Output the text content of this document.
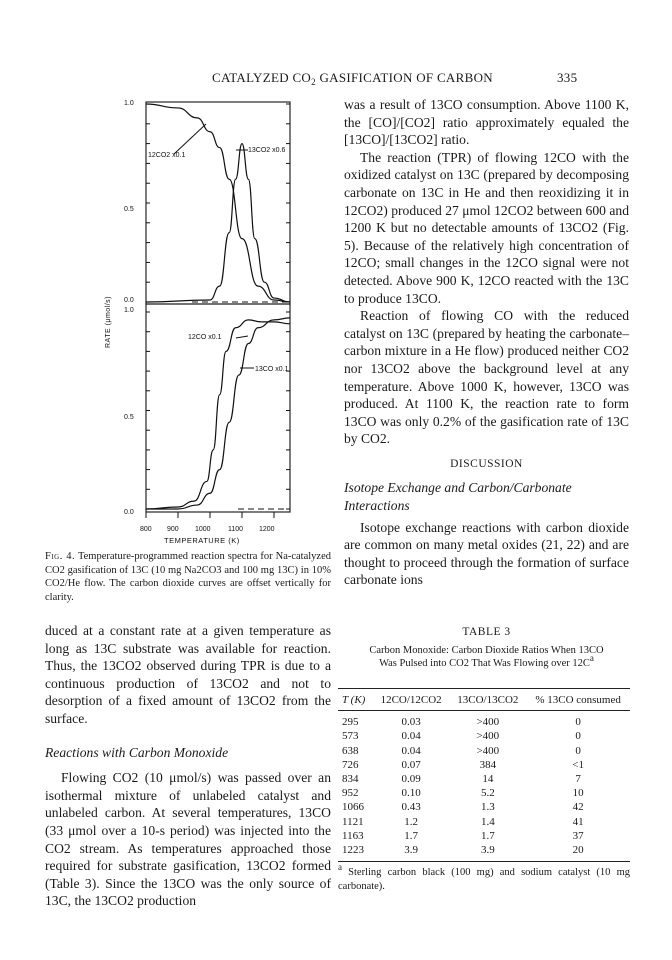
CATALYZED $CO_2$ GASIFICATION OF CARBON	335
12CO2 x0.1
13CO2 x0.6
12CO x0.1
13CO x0.1
1.0
0.5
0.0
1.0
0.5
0.0
800 900 1000 1100 1200
TEMPERATURE (K)
RATE (μmol/s)
Fig. 4. Temperature-programmed reaction spectra for Na-catalyzed CO2 gasification of 13C (10 mg Na2CO3 and 100 mg 13C) in 10% CO2/He flow. The carbon dioxide curves are offset vertically for clarity.

was a result of 13CO consumption. Above 1100 K, the [CO]/[CO2] ratio approximately equaled the [13CO]/[13CO2] ratio.

The reaction (TPR) of flowing 12CO with the oxidized catalyst on 13C (prepared by decomposing carbonate on 13C in He and then reoxidizing it in 12CO2) produced 27 μmol 12CO2 between 600 and 1200 K but no detectable amounts of 13CO2 (Fig. 5). Because of the relatively high concentration of 12CO; small changes in the 12CO signal were not detected. Above 900 K, 12CO reacted with the 13C to produce 13CO.

Reaction of flowing CO with the reduced catalyst on 13C (prepared by heating the carbonate–carbon mixture in a He flow) produced neither CO2 nor 13CO2 above the background level at any temperature. Above 1000 K, however, 13CO was produced. At 1100 K, the reaction rate to form 13CO was only 0.2% of the gasification rate of 13C by CO2.

DISCUSSION

Isotope Exchange and Carbon/Carbonate Interactions

Isotope exchange reactions with carbon dioxide are common on many metal oxides (21, 22) and are thought to proceed through the formation of surface carbonate ions

duced at a constant rate at a given temperature as long as 13C substrate was available for reaction. Thus, the 13CO2 observed during TPR is due to a continuous production of 13CO2 and not to desorption of a fixed amount of 13CO2 from the surface.

Reactions with Carbon Monoxide

Flowing CO2 (10 μmol/s) was passed over an isothermal mixture of unlabeled catalyst and unlabeled carbon. At several temperatures, 13CO (33 μmol over a 10-s period) was injected into the CO2 stream. As temperatures approached those required for substrate gasification, 13CO2 formed (Table 3). Since the 13CO was the only source of 13C, the 13CO2 production

TABLE 3
Carbon Monoxide: Carbon Dioxide Ratios When 13CO Was Pulsed into CO2 That Was Flowing over 12Ca
T (K)	12CO/12CO2	13CO/13CO2	% 13CO consumed
295	0.03	>400	0
573	0.04	>400	0
638	0.04	>400	0
726	0.07	384	<1
834	0.09	14	7
952	0.10	5.2	10
1066	0.43	1.3	42
1121	1.2	1.4	41
1163	1.7	1.7	37
1223	3.9	3.9	20
a Sterling carbon black (100 mg) and sodium catalyst (10 mg carbonate).
